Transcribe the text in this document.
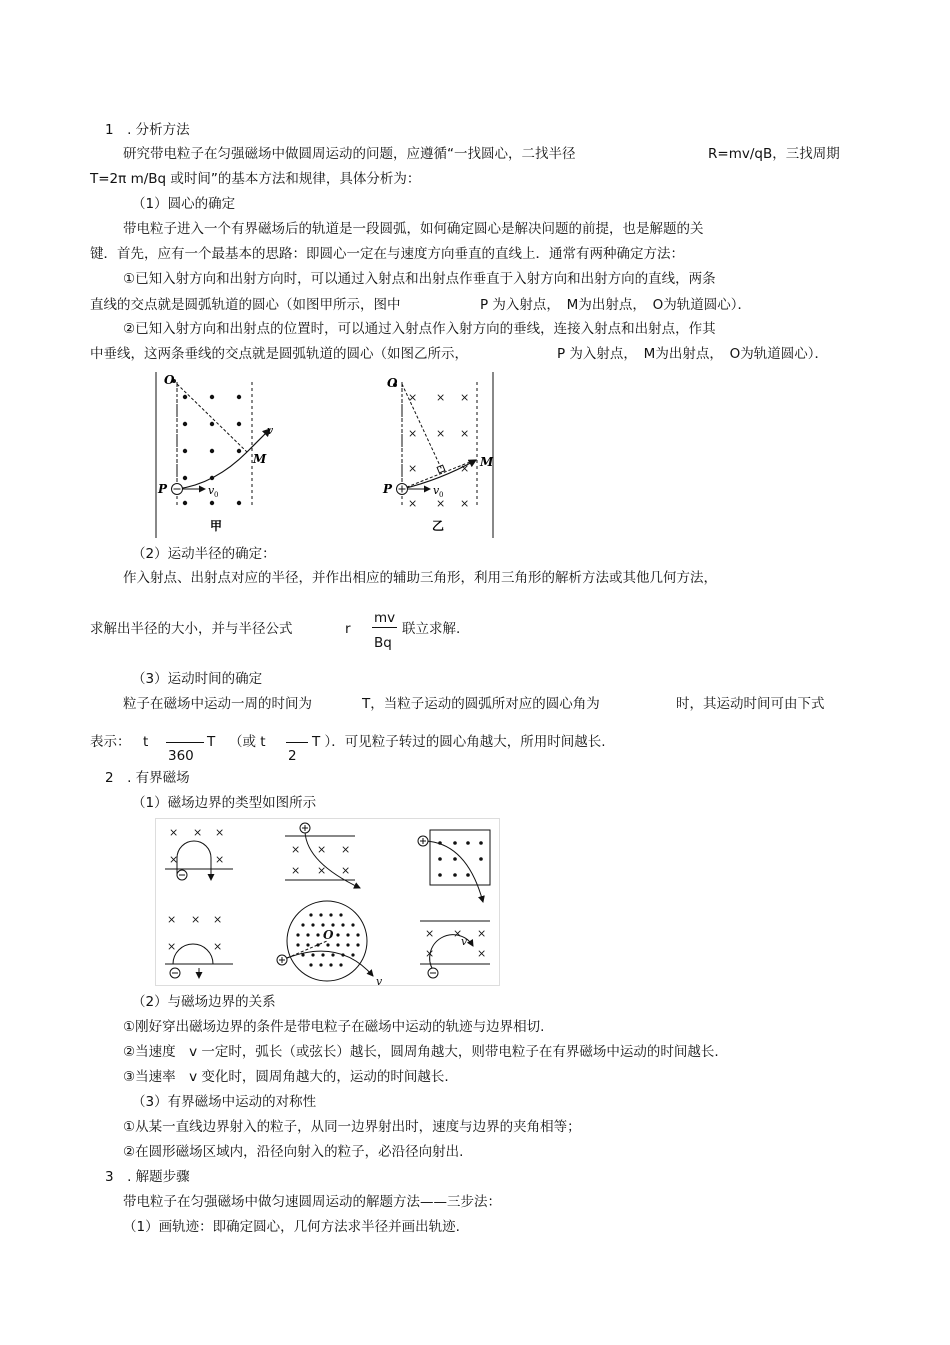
1　. 分析方法
研究带电粒子在匀强磁场中做圆周运动的问题，应遵循“一找圆心，二找半径	R=mv∕qB，三找周期
T=2π m∕Bq 或时间”的基本方法和规律，具体分析为：
（1）圆心的确定
带电粒子进入一个有界磁场后的轨道是一段圆弧，如何确定圆心是解决问题的前提，也是解题的关
键．首先，应有一个最基本的思路：即圆心一定在与速度方向垂直的直线上．通常有两种确定方法：
①已知入射方向和出射方向时，可以通过入射点和出射点作垂直于入射方向和出射方向的直线，两条
直线的交点就是圆弧轨道的圆心（如图甲所示，图中	P 为入射点，　M为出射点，　O为轨道圆心）．
②已知入射方向和出射点的位置时，可以通过入射点作入射方向的垂线，连接入射点和出射点，作其
中垂线，这两条垂线的交点就是圆弧轨道的圆心（如图乙所示，	P 为入射点，　M为出射点，　O为轨道圆心）．
O
P
M
v
v 0
甲
× × ×
× × ×
×	×
× × ×
O
P
M
v 0
乙
（2）运动半径的确定：
作入射点、出射点对应的半径，并作出相应的辅助三角形，利用三角形的解析方法或其他几何方法，
求解出半径的大小，并与半径公式	r
mv
Bq
联立求解.
（3）运动时间的确定
粒子在磁场中运动一周的时间为	T，当粒子运动的圆弧所对应的圆心角为	时，其运动时间可由下式
表示： t
360
T （或 t
2
T ）．可见粒子转过的圆心角越大，所用时间越长.
2　. 有界磁场
（1）磁场边界的类型如图所示
× × ×
×	×
× × ×
× × ×
× × ×
×	×
O
v
× × ×
×	×
v
（2）与磁场边界的关系
①刚好穿出磁场边界的条件是带电粒子在磁场中运动的轨迹与边界相切.
②当速度　v 一定时，弧长（或弦长）越长，圆周角越大，则带电粒子在有界磁场中运动的时间越长.
③当速率　v 变化时，圆周角越大的，运动的时间越长.
（3）有界磁场中运动的对称性
①从某一直线边界射入的粒子，从同一边界射出时，速度与边界的夹角相等；
②在圆形磁场区域内，沿径向射入的粒子，必沿径向射出.
3　. 解题步骤
带电粒子在匀强磁场中做匀速圆周运动的解题方法——三步法：
（1）画轨迹：即确定圆心，几何方法求半径并画出轨迹.
